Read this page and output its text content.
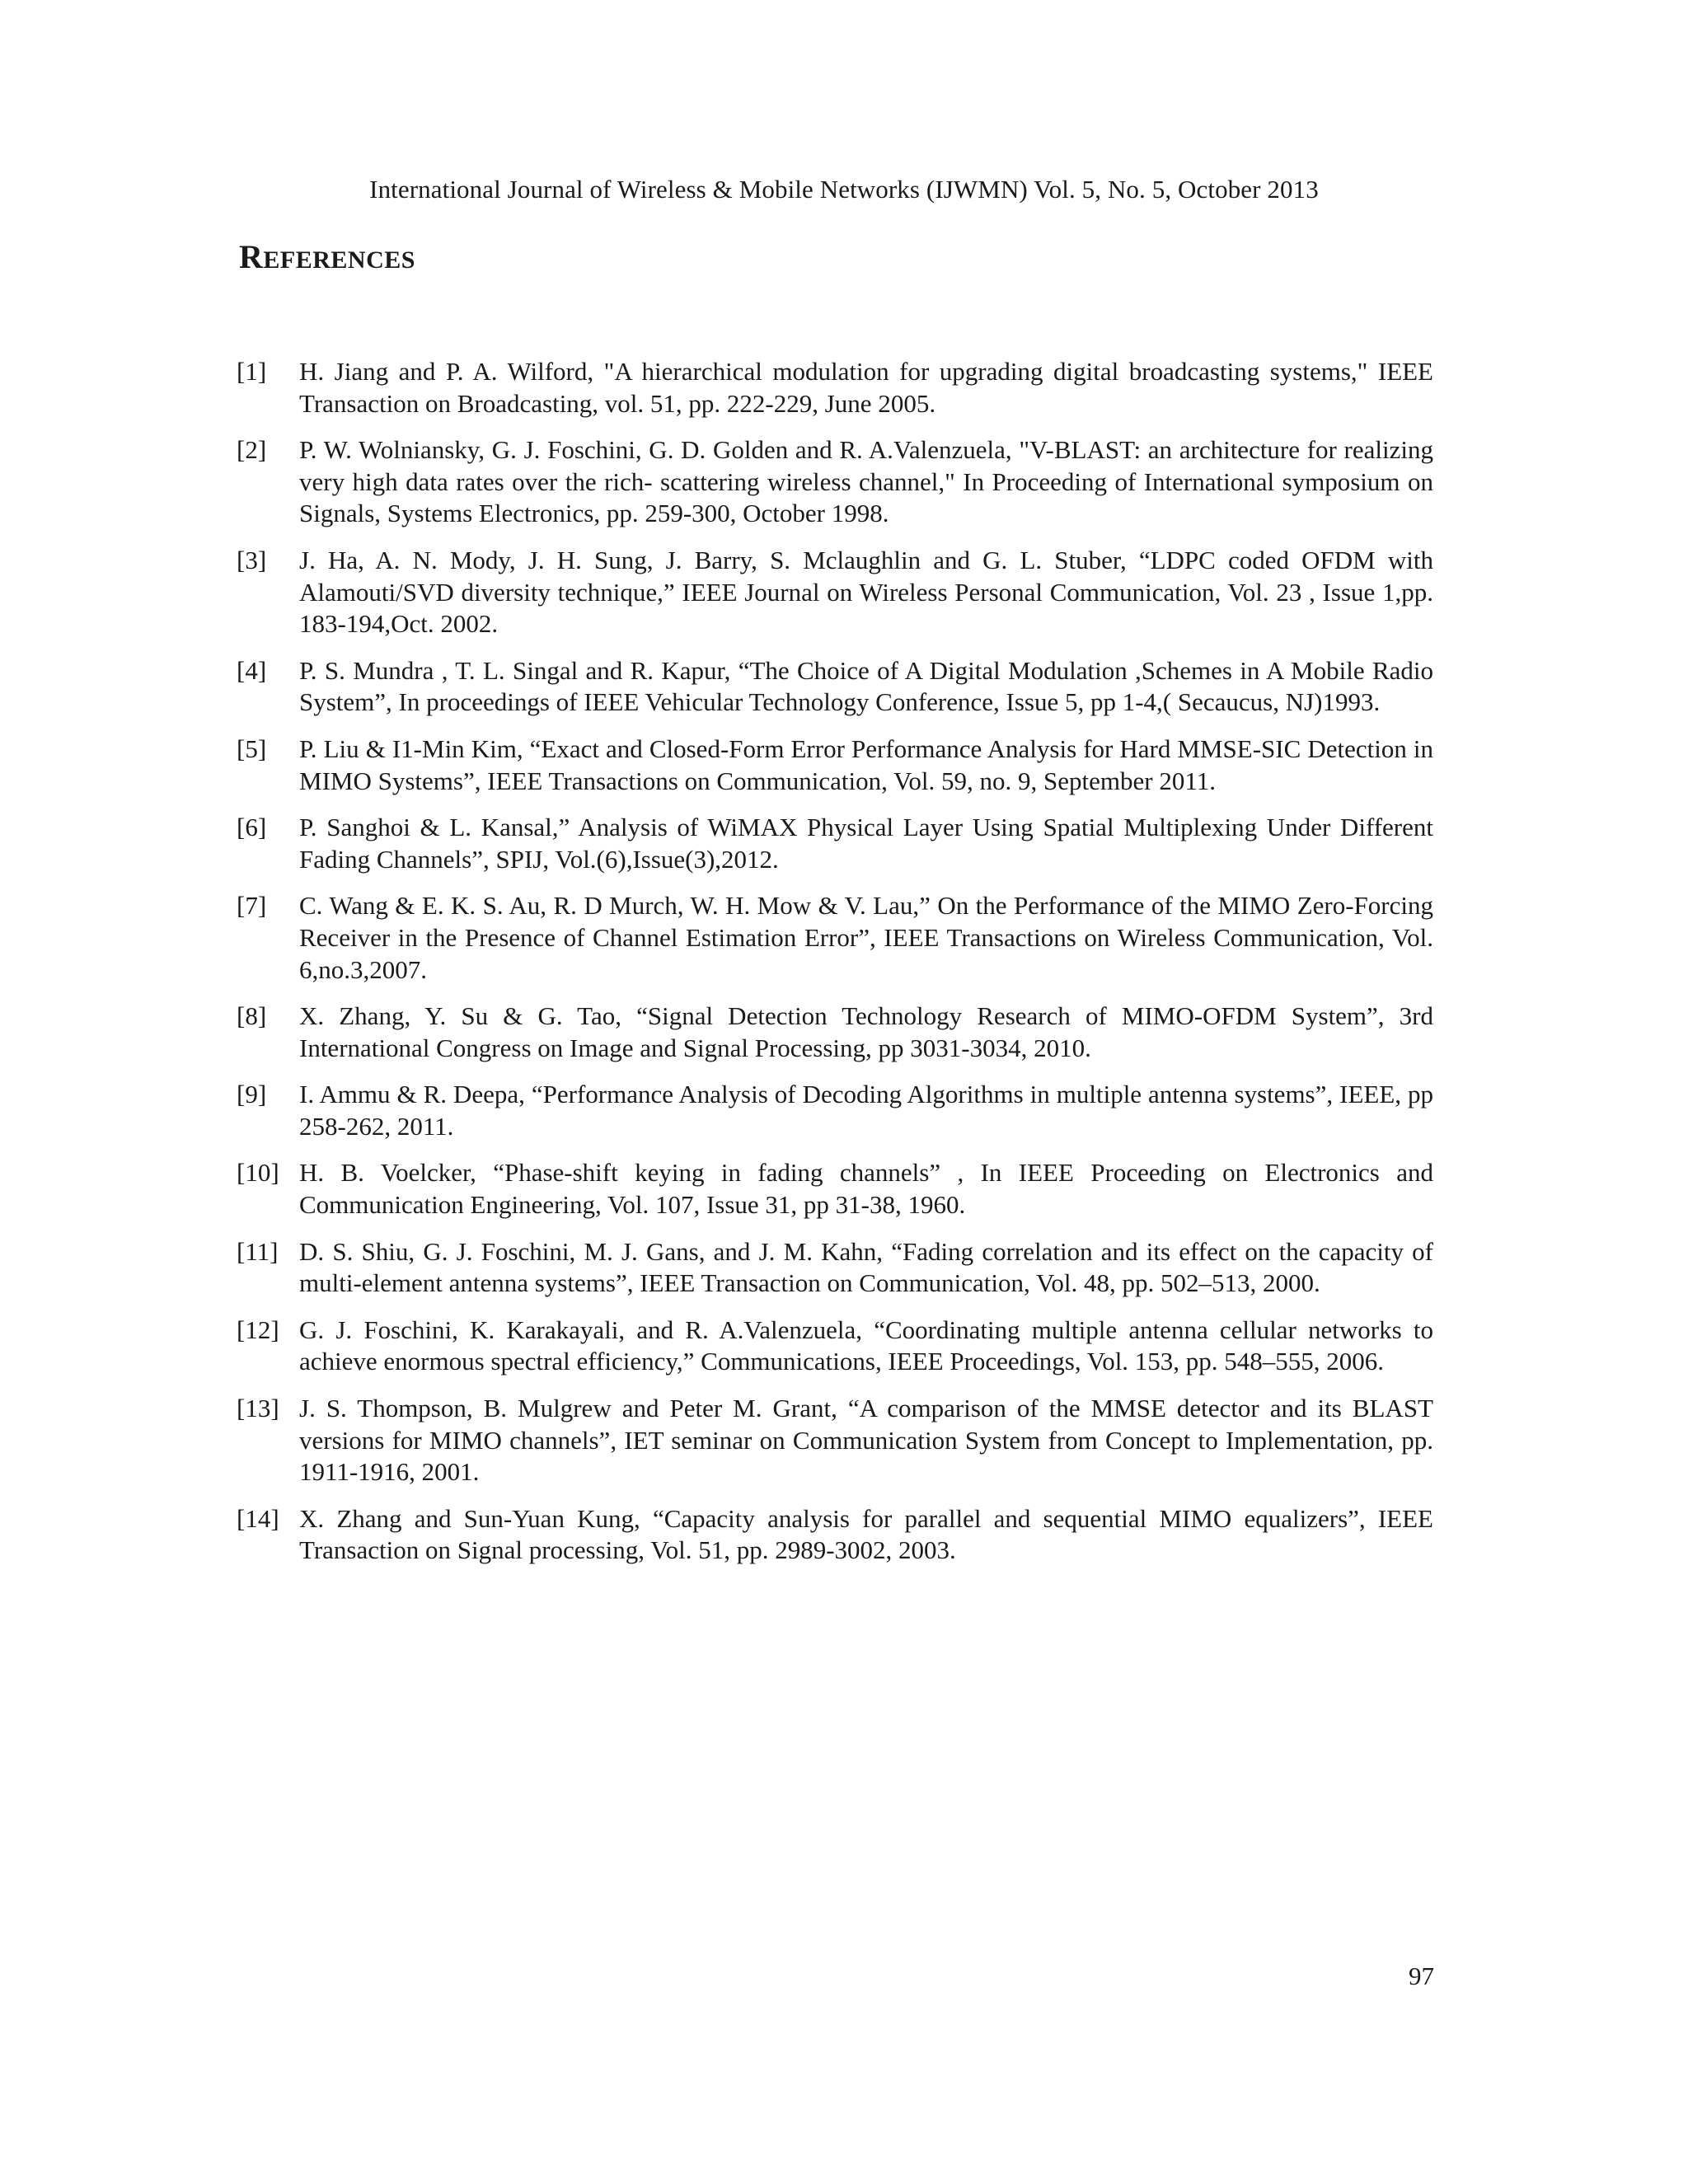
International Journal of Wireless & Mobile Networks (IJWMN) Vol. 5, No. 5, October 2013
REFERENCES
[1]	H. Jiang and P. A. Wilford, "A hierarchical modulation for upgrading digital broadcasting systems," IEEE Transaction on Broadcasting, vol. 51, pp. 222-229, June 2005.
[2]	P. W. Wolniansky, G. J. Foschini, G. D. Golden and R. A.Valenzuela, "V-BLAST: an architecture for realizing very high data rates over the rich- scattering wireless channel," In Proceeding of International symposium on Signals, Systems Electronics, pp. 259-300, October 1998.
[3]	J. Ha, A. N. Mody, J. H. Sung, J. Barry, S. Mclaughlin and G. L. Stuber, “LDPC coded OFDM with Alamouti/SVD diversity technique,” IEEE Journal on Wireless Personal Communication, Vol. 23 , Issue 1,pp. 183-194,Oct. 2002.
[4]	P. S. Mundra , T. L. Singal and R. Kapur, “The Choice of A Digital Modulation ,Schemes in A Mobile Radio System”, In proceedings of IEEE Vehicular Technology Conference, Issue 5, pp 1-4,( Secaucus, NJ)1993.
[5]	P. Liu & I1-Min Kim, “Exact and Closed-Form Error Performance Analysis for Hard MMSE-SIC Detection in MIMO Systems”, IEEE Transactions on Communication, Vol. 59, no. 9, September 2011.
[6]	P. Sanghoi & L. Kansal,” Analysis of WiMAX Physical Layer Using Spatial Multiplexing Under Different Fading Channels”, SPIJ, Vol.(6),Issue(3),2012.
[7]	C. Wang & E. K. S. Au, R. D Murch, W. H. Mow & V. Lau,” On the Performance of the MIMO Zero-Forcing Receiver in the Presence of Channel Estimation Error”, IEEE Transactions on Wireless Communication, Vol. 6,no.3,2007.
[8]	X. Zhang, Y. Su & G. Tao, “Signal Detection Technology Research of MIMO-OFDM System”, 3rd International Congress on Image and Signal Processing, pp 3031-3034, 2010.
[9]	I. Ammu & R. Deepa, “Performance Analysis of Decoding Algorithms in multiple antenna systems”, IEEE, pp 258-262, 2011.
[10] H. B. Voelcker, “Phase-shift keying in fading channels” , In IEEE Proceeding on Electronics and Communication Engineering, Vol. 107, Issue 31, pp 31-38, 1960.
[11] D. S. Shiu, G. J. Foschini, M. J. Gans, and J. M. Kahn, “Fading correlation and its effect on the capacity of multi-element antenna systems”, IEEE Transaction on Communication, Vol. 48, pp. 502–513, 2000.
[12] G. J. Foschini, K. Karakayali, and R. A.Valenzuela, “Coordinating multiple antenna cellular networks to achieve enormous spectral efficiency,” Communications, IEEE Proceedings, Vol. 153, pp. 548–555, 2006.
[13] J. S. Thompson, B. Mulgrew and Peter M. Grant, “A comparison of the MMSE detector and its BLAST versions for MIMO channels”, IET seminar on Communication System from Concept to Implementation, pp. 1911-1916, 2001.
[14] X. Zhang and Sun-Yuan Kung, “Capacity analysis for parallel and sequential MIMO equalizers”, IEEE Transaction on Signal processing, Vol. 51, pp. 2989-3002, 2003.
97
